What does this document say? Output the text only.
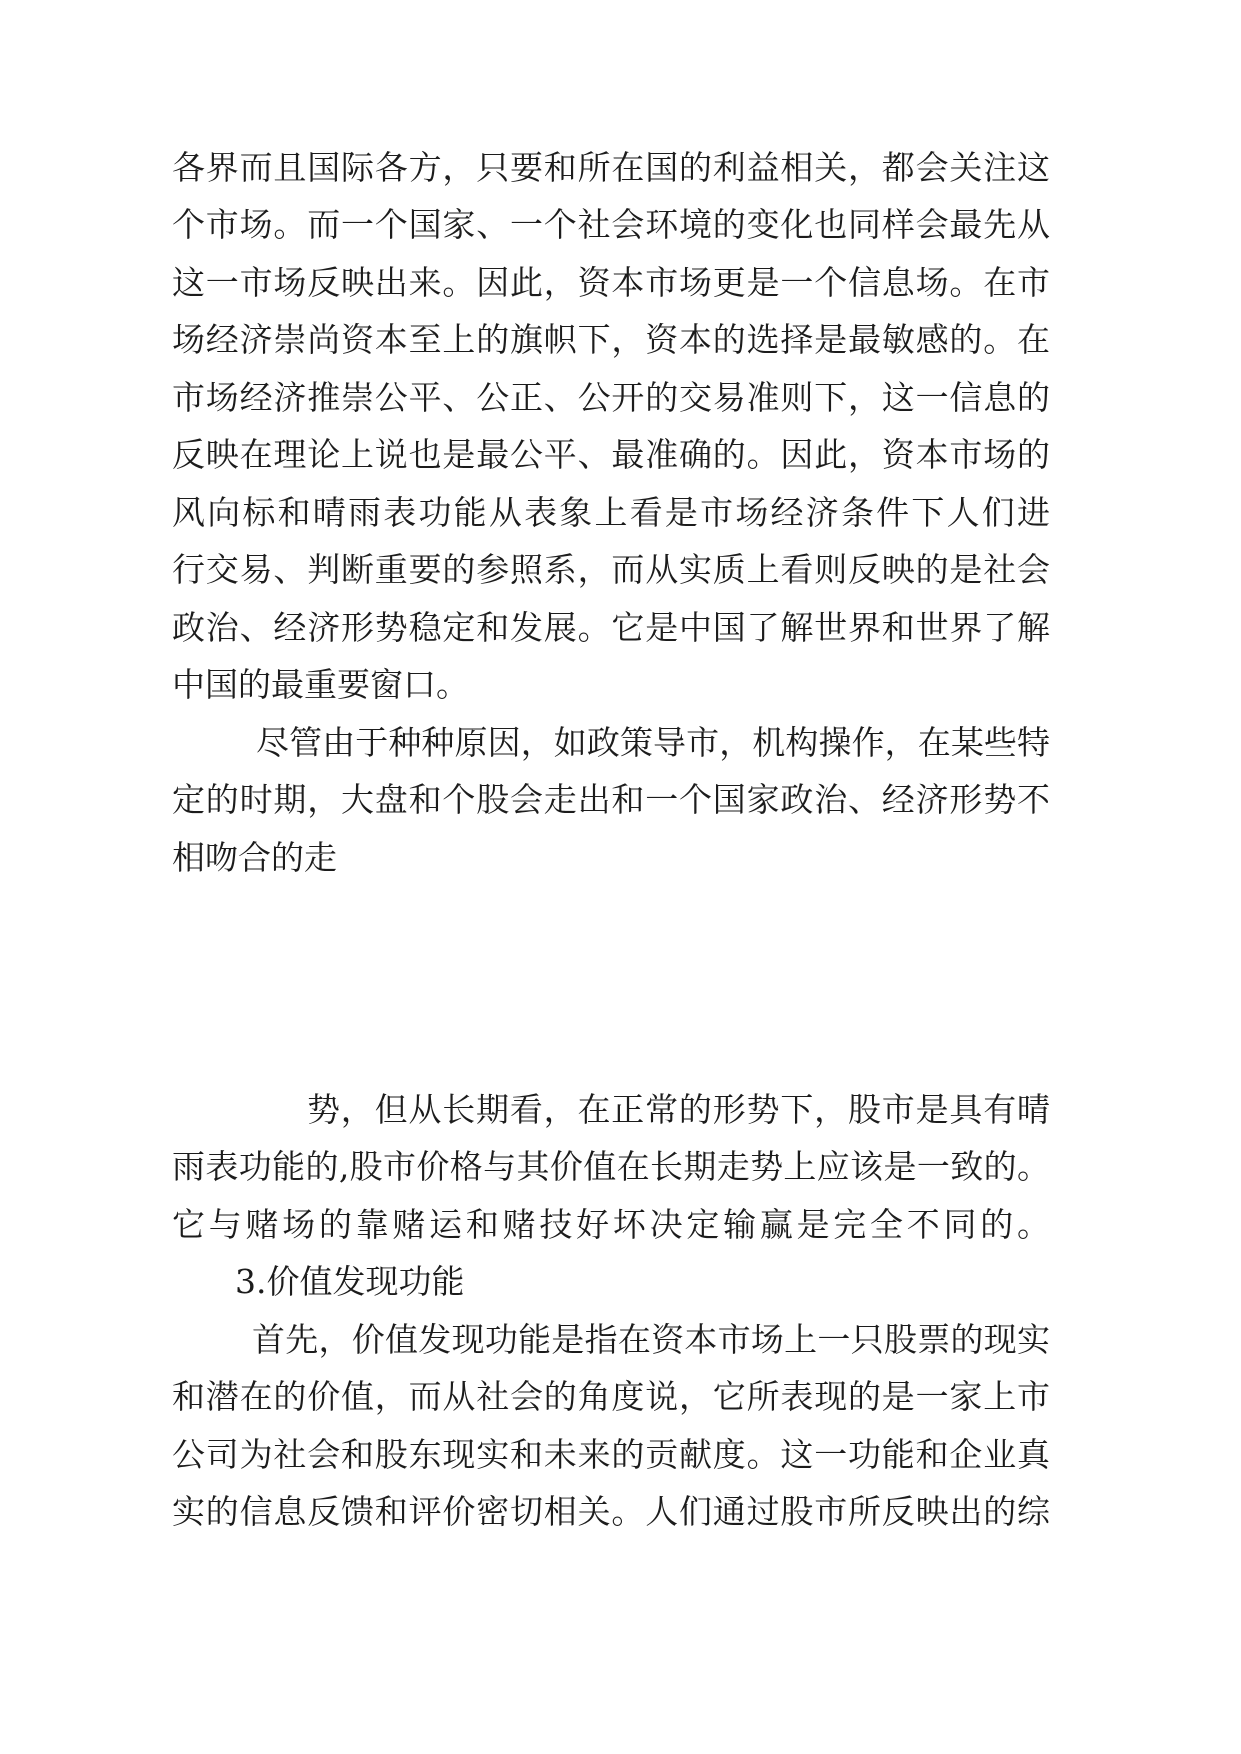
各界而且国际各方，只要和所在国的利益相关，都会关注这
个市场。而一个国家、一个社会环境的变化也同样会最先从
这一市场反映出来。因此，资本市场更是一个信息场。在市
场经济崇尚资本至上的旗帜下，资本的选择是最敏感的。在
市场经济推崇公平、公正、公开的交易准则下，这一信息的
反映在理论上说也是最公平、最准确的。因此，资本市场的
风向标和晴雨表功能从表象上看是市场经济条件下人们进
行交易、判断重要的参照系，而从实质上看则反映的是社会
政治、经济形势稳定和发展。它是中国了解世界和世界了解
中国的最重要窗口。
尽管由于种种原因，如政策导市，机构操作，在某些特
定的时期，大盘和个股会走出和一个国家政治、经济形势不
相吻合的走
势，但从长期看，在正常的形势下，股市是具有晴
雨表功能的,股市价格与其价值在长期走势上应该是一致的。
它与赌场的靠赌运和赌技好坏决定输赢是完全不同的。
3.价值发现功能
首先，价值发现功能是指在资本市场上一只股票的现实
和潜在的价值，而从社会的角度说，它所表现的是一家上市
公司为社会和股东现实和未来的贡献度。这一功能和企业真
实的信息反馈和评价密切相关。人们通过股市所反映出的综
